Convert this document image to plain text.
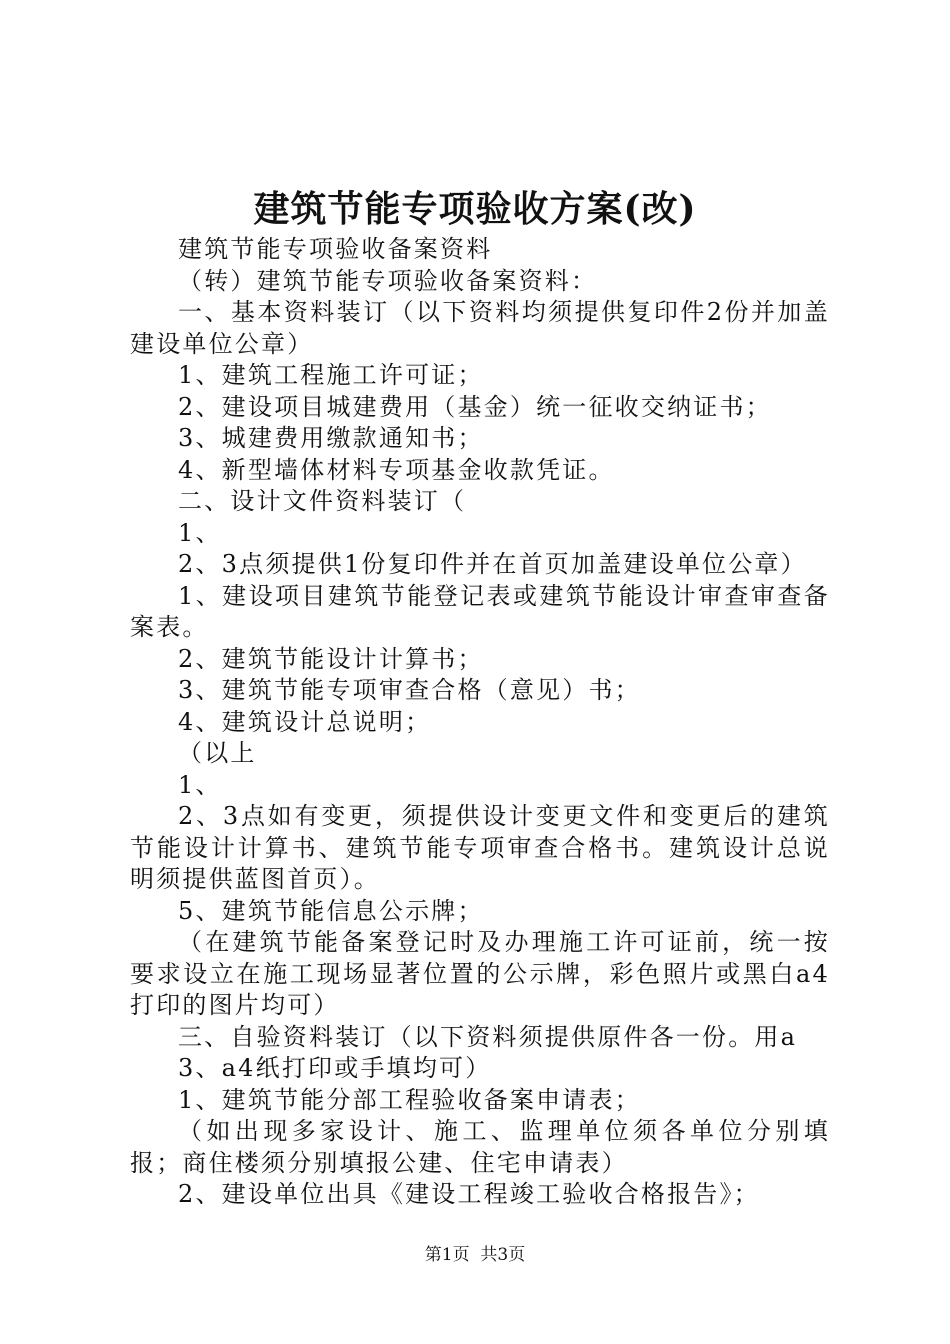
建筑节能专项验收方案(改)

建筑节能专项验收备案资料

（转）建筑节能专项验收备案资料：

一、基本资料装订（以下资料均须提供复印件2份并加盖建设单位公章）

1、建筑工程施工许可证；

2、建设项目城建费用（基金）统一征收交纳证书；

3、城建费用缴款通知书；

4、新型墙体材料专项基金收款凭证。

二、设计文件资料装订（

1、

2、3点须提供1份复印件并在首页加盖建设单位公章）

1、建设项目建筑节能登记表或建筑节能设计审查审查备案表。

2、建筑节能设计计算书；

3、建筑节能专项审查合格（意见）书；

4、建筑设计总说明；

（以上

1、

2、3点如有变更，须提供设计变更文件和变更后的建筑节能设计计算书、建筑节能专项审查合格书。建筑设计总说明须提供蓝图首页）。

5、建筑节能信息公示牌；

（在建筑节能备案登记时及办理施工许可证前，统一按要求设立在施工现场显著位置的公示牌，彩色照片或黑白a4打印的图片均可）

三、自验资料装订（以下资料须提供原件各一份。用a

3、a4纸打印或手填均可）

1、建筑节能分部工程验收备案申请表；

（如出现多家设计、施工、监理单位须各单位分别填报；商住楼须分别填报公建、住宅申请表）

2、建设单位出具《建设工程竣工验收合格报告》；

第1页 共3页
